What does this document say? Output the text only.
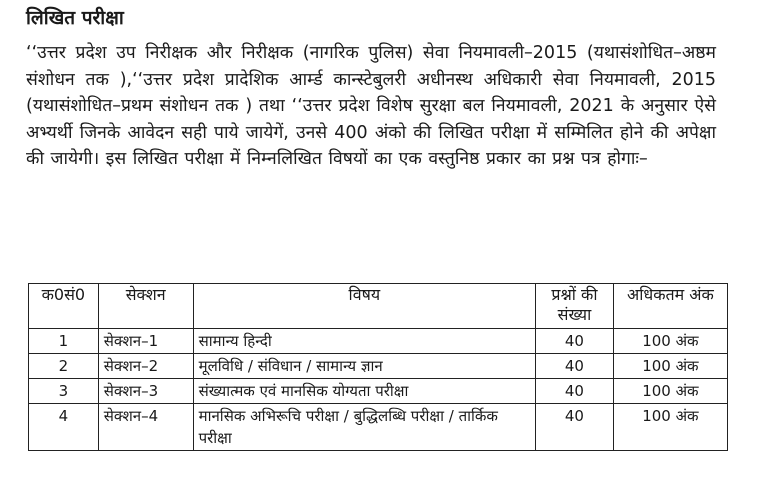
लिखित परीक्षा
‘‘उत्तर प्रदेश उप निरीक्षक और निरीक्षक (नागरिक पुलिस) सेवा नियमावली–2015 (यथासंशोधित–अष्ठम संशोधन तक ),‘‘उत्तर प्रदेश प्रादेशिक आर्म्ड कान्स्टेबुलरी अधीनस्थ अधिकारी सेवा नियमावली, 2015 (यथासंशोधित–प्रथम संशोधन तक ) तथा ‘‘उत्तर प्रदेश विशेष सुरक्षा बल नियमावली, 2021 के अनुसार ऐसे अभ्यर्थी जिनके आवेदन सही पाये जायेगें, उनसे 400 अंको की लिखित परीक्षा में सम्मिलित होने की अपेक्षा की जायेगी। इस लिखित परीक्षा में निम्नलिखित विषयों का एक वस्तुनिष्ठ प्रकार का प्रश्न पत्र होगाः–
क0सं0	सेक्शन	विषय	प्रश्नों की संख्या	अधिकतम अंक
1	सेक्शन–1	सामान्य हिन्दी	40	100 अंक
2	सेक्शन–2	मूलविधि / संविधान / सामान्य ज्ञान	40	100 अंक
3	सेक्शन–3	संख्यात्मक एवं मानसिक योग्यता परीक्षा	40	100 अंक
4	सेक्शन–4	मानसिक अभिरूचि परीक्षा / बुद्धिलब्धि परीक्षा / तार्किक परीक्षा	40	100 अंक
